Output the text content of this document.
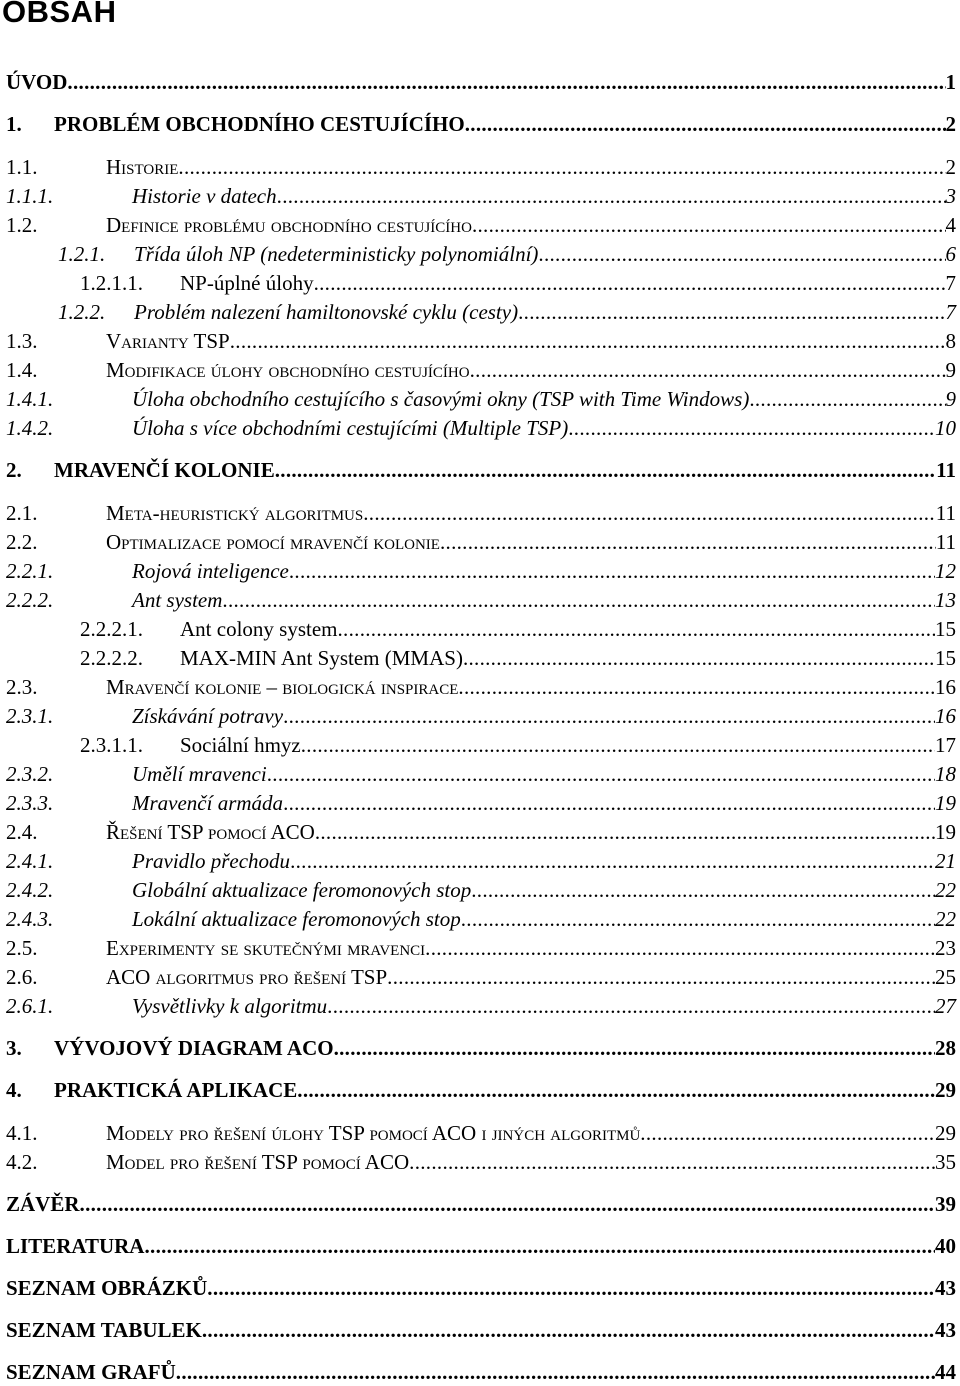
OBSAH
ÚVOD .....	1
1.	PROBLÉM OBCHODNÍHO CESTUJÍCÍHO .....	2
1.1.	Historie .....	2
1.1.1.	Historie v datech .....	3
1.2.	Definice problému obchodního cestujícího .....	4
1.2.1.	Třída úloh NP (nedeterministicky polynomiální) .....	6
1.2.1.1.	NP-úplné úlohy .....	7
1.2.2.	Problém nalezení hamiltonovské cyklu (cesty) .....	7
1.3.	Varianty TSP .....	8
1.4.	Modifikace úlohy obchodního cestujícího .....	9
1.4.1.	Úloha obchodního cestujícího s časovými okny (TSP with Time Windows) .....	9
1.4.2.	Úloha s více obchodními cestujícími (Multiple TSP) .....	10
2.	MRAVENČÍ KOLONIE .....	11
2.1.	Meta-heuristický algoritmus .....	11
2.2.	Optimalizace pomocí mravenčí kolonie .....	11
2.2.1.	Rojová inteligence .....	12
2.2.2.	Ant system .....	13
2.2.2.1.	Ant colony system .....	15
2.2.2.2.	MAX-MIN Ant System (MMAS) .....	15
2.3.	Mravenčí kolonie – biologická inspirace .....	16
2.3.1.	Získávání potravy .....	16
2.3.1.1.	Sociální hmyz .....	17
2.3.2.	Umělí mravenci .....	18
2.3.3.	Mravenčí armáda .....	19
2.4.	Řešení TSP pomocí ACO .....	19
2.4.1.	Pravidlo přechodu .....	21
2.4.2.	Globální aktualizace feromonových stop .....	22
2.4.3.	Lokální aktualizace feromonových stop .....	22
2.5.	Experimenty se skutečnými mravenci .....	23
2.6.	ACO algoritmus pro řešení TSP .....	25
2.6.1.	Vysvětlivky k algoritmu .....	27
3.	VÝVOJOVÝ DIAGRAM ACO .....	28
4.	PRAKTICKÁ APLIKACE .....	29
4.1.	Modely pro řešení úlohy TSP pomocí ACO i jiných algoritmů .....	29
4.2.	Model pro řešení TSP pomocí ACO .....	35
ZÁVĚR .....	39
LITERATURA .....	40
SEZNAM OBRÁZKŮ .....	43
SEZNAM TABULEK .....	43
SEZNAM GRAFŮ .....	44
